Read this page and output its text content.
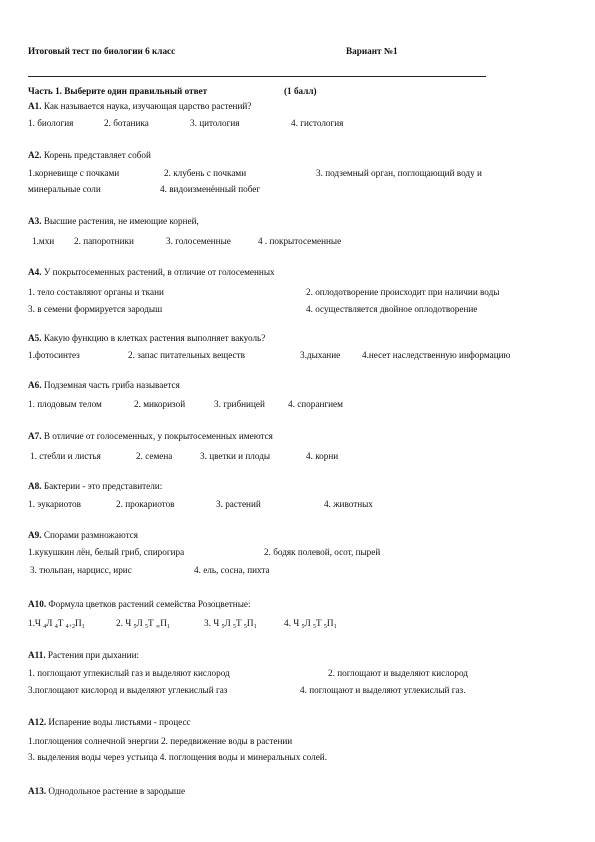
Итоговый тест по биологии 6 класс	Вариант №1
Часть 1. Выберите один правильный ответ	(1 балл)
А1. Как называется наука, изучающая царство растений?
1. биология	2. ботаника	3. цитология	4. гистология
А2. Корень представляет собой
1.корневище с почками	2. клубень с почками	3. подземный орган, поглощающий воду и
минеральные соли	4. видоизменённый побег
А3. Высшие растения, не имеющие корней,
1.мхи 2. папоротники	3. голосеменные	4 . покрытосеменные
А4. У покрытосеменных растений, в отличие от голосеменных
1. тело составляют органы и ткани	2. оплодотворение происходит при наличии воды
3. в семени формируется зародыш	4. осуществляется двойное оплодотворение
А5. Какую функцию в клетках растения выполняет вакуоль?
1.фотосинтез	2. запас питательных веществ	3.дыхание 4.несет наследственную информацию
А6. Подземная часть гриба называется
1. плодовым телом	2. микоризой	3. грибницей	4. спорангием
А7. В отличие от голосеменных, у покрытосеменных имеются
1. стебли и листья	2. семена	3. цветки и плоды	4. корни
А8. Бактерии - это представители:
1. эукариотов	2. прокариотов	3. растений	4. животных
А9. Спорами размножаются
1.кукушкин лён, белый гриб, спирогира	2. бодяк полевой, осот, пырей
3. тюльпан, нарцисс, ирис	4. ель, сосна, пихта
А10. Формула цветков растений семейства Розоцветные:
1.Ч $_4$Л $_4$Т $_{4+2}П_1$	2. Ч $_5$Л $_5$Т $_\infty П_1$	3. Ч $_5$Л $_5$Т $_5П_1$	4. Ч $_5$Л $_5$Т $_5П_1$
А11. Растения при дыхании:
1. поглощают углекислый газ и выделяют кислород	2. поглощают и выделяют кислород
3.поглощают кислород и выделяют углекислый газ	4. поглощают и выделяют углекислый газ.
А12. Испарение воды листьями - процесс
1.поглощения солнечной энергии 2. передвижение воды в растении
3. выделения воды через устьица 4. поглощения воды и минеральных солей.
А13. Однодольное растение в зародыше
